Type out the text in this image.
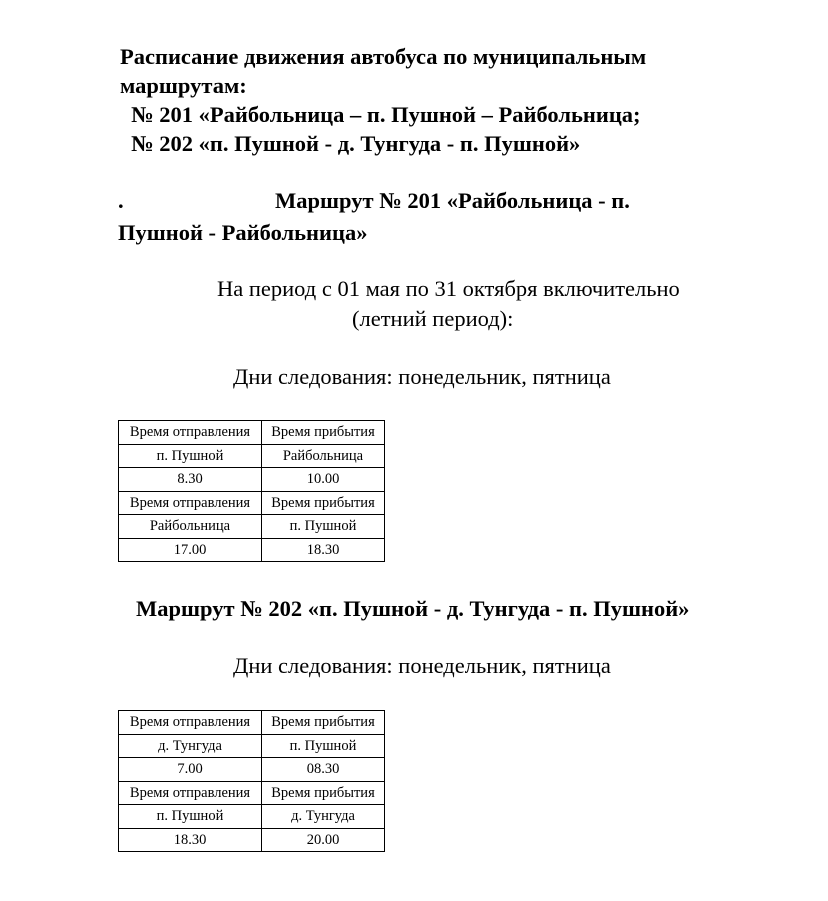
Расписание движения автобуса по муниципальным
маршрутам:
№ 201 «Райбольница – п. Пушной – Райбольница;
№ 202 «п. Пушной - д. Тунгуда - п. Пушной»
.	Маршрут № 201 «Райбольница - п.
Пушной - Райбольница»
На период с 01 мая по 31 октября включительно
(летний период):
Дни следования: понедельник, пятница
Время отправления	Время прибытия
п. Пушной	Райбольница
8.30	10.00
Время отправления	Время прибытия
Райбольница	п. Пушной
17.00	18.30
Маршрут № 202 «п. Пушной - д. Тунгуда - п. Пушной»
Дни следования: понедельник, пятница
Время отправления	Время прибытия
д. Тунгуда	п. Пушной
7.00	08.30
Время отправления	Время прибытия
п. Пушной	д. Тунгуда
18.30	20.00
